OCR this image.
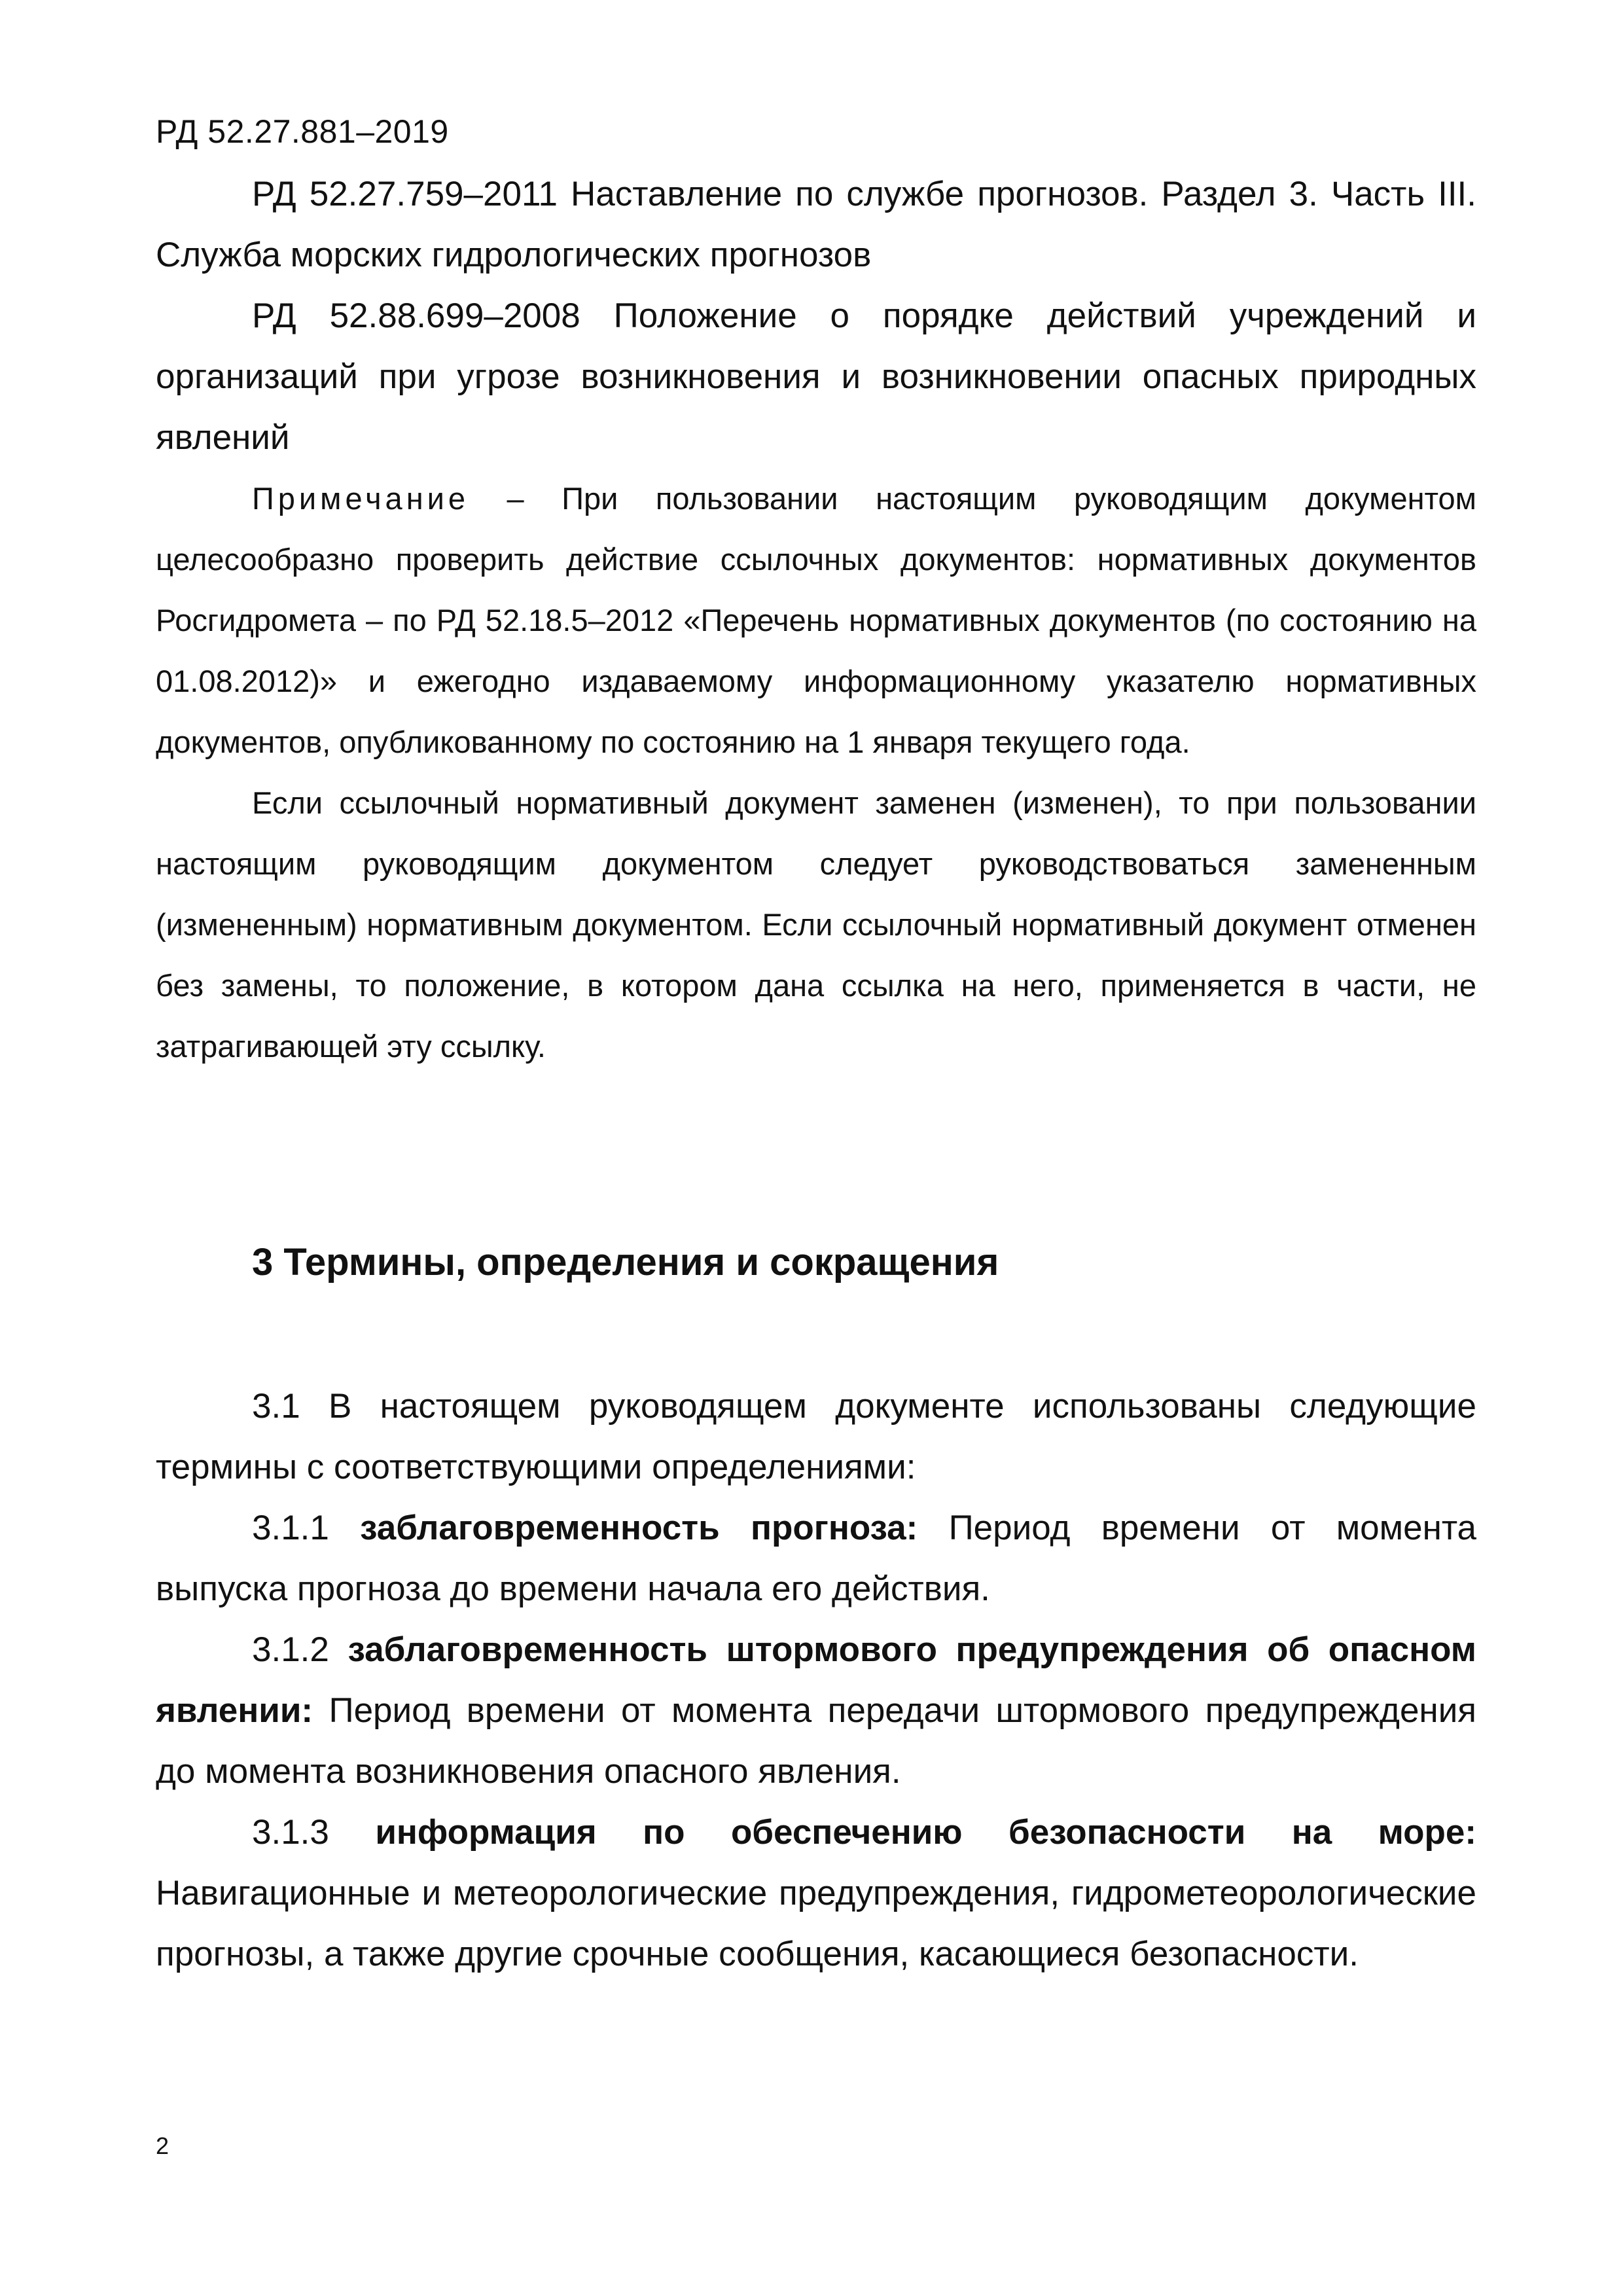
РД 52.27.881–2019

РД 52.27.759–2011 Наставление по службе прогнозов. Раздел 3. Часть III. Служба морских гидрологических прогнозов

РД 52.88.699–2008 Положение о порядке действий учреждений и организаций при угрозе возникновения и возникновении опасных природных явлений

Примечание – При пользовании настоящим руководящим документом целесообразно проверить действие ссылочных документов: нормативных документов Росгидромета – по РД 52.18.5–2012 «Перечень нормативных документов (по состоянию на 01.08.2012)» и ежегодно издаваемому информационному указателю нормативных документов, опубликованному по состоянию на 1 января текущего года.

Если ссылочный нормативный документ заменен (изменен), то при пользовании настоящим руководящим документом следует руководствоваться замененным (измененным) нормативным документом. Если ссылочный нормативный документ отменен без замены, то положение, в котором дана ссылка на него, применяется в части, не затрагивающей эту ссылку.

3 Термины, определения и сокращения

3.1 В настоящем руководящем документе использованы следующие термины с соответствующими определениями:

3.1.1 заблаговременность прогноза: Период времени от момента выпуска прогноза до времени начала его действия.

3.1.2 заблаговременность штормового предупреждения об опасном явлении: Период времени от момента передачи штормового предупреждения до момента возникновения опасного явления.

3.1.3 информация по обеспечению безопасности на море: Навигационные и метеорологические предупреждения, гидрометеорологические прогнозы, а также другие срочные сообщения, касающиеся безопасности.

2
